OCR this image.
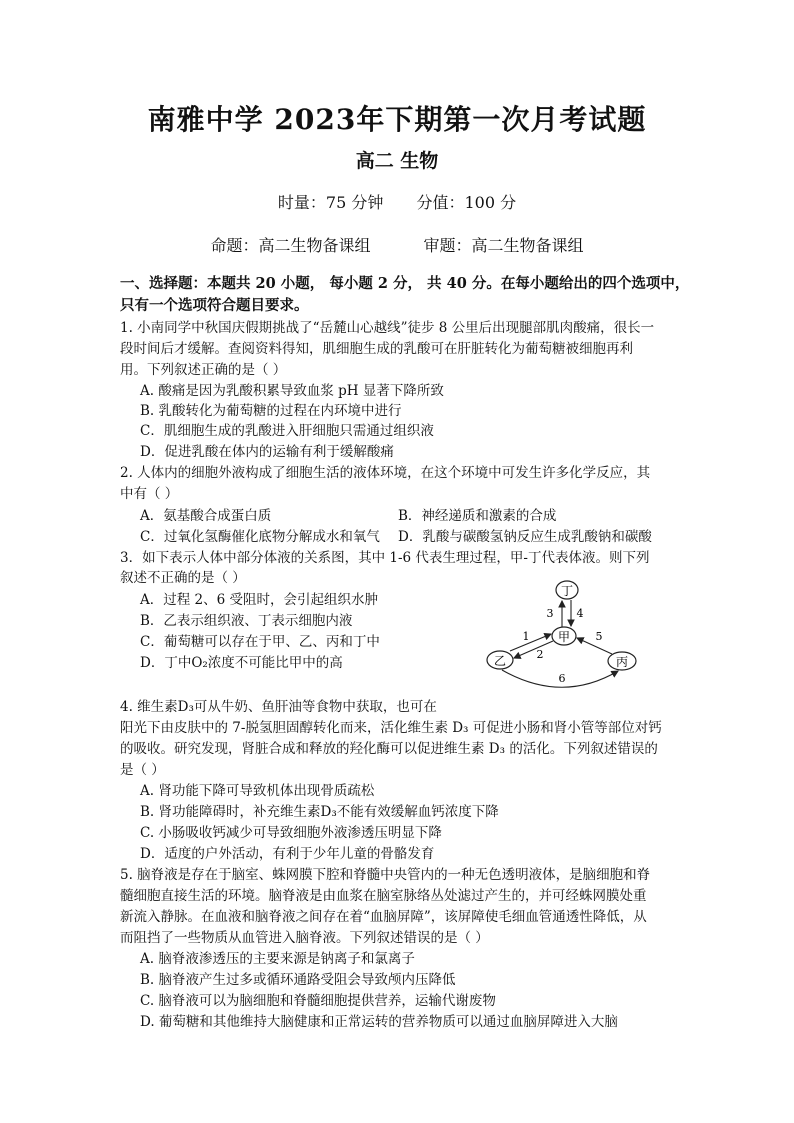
南雅中学 2023年下期第一次月考试题
高二 生物
时量：75 分钟 分值：100 分
命题：高二生物备课组	审题：高二生物备课组
一、选择题：本题共 20 小题， 每小题 2 分， 共 40 分。在每小题给出的四个选项中，只有一个选项符合题目要求。
1. 小南同学中秋国庆假期挑战了“岳麓山心越线”徒步 8 公里后出现腿部肌肉酸痛，很长一
段时间后才缓解。查阅资料得知，肌细胞生成的乳酸可在肝脏转化为葡萄糖被细胞再利
用。下列叙述正确的是（ ）
A. 酸痛是因为乳酸积累导致血浆 pH 显著下降所致
B. 乳酸转化为葡萄糖的过程在内环境中进行
C．肌细胞生成的乳酸进入肝细胞只需通过组织液
D．促进乳酸在体内的运输有利于缓解酸痛
2. 人体内的细胞外液构成了细胞生活的液体环境，在这个环境中可发生许多化学反应，其
中有（ ）
A．氨基酸合成蛋白质	B．神经递质和激素的合成
C．过氧化氢酶催化底物分解成水和氧气 D．乳酸与碳酸氢钠反应生成乳酸钠和碳酸
3．如下表示人体中部分体液的关系图，其中 1-6 代表生理过程，甲-丁代表体液。则下列
叙述不正确的是（ ）
A．过程 2、6 受阻时，会引起组织水肿
B．乙表示组织液、丁表示细胞内液
C．葡萄糖可以存在于甲、乙、丙和丁中
D．丁中O₂浓度不可能比甲中的高
丁
甲
乙	丙
3 4
1
2
5
6
4. 维生素D₃可从牛奶、鱼肝油等食物中获取，也可在
阳光下由皮肤中的 7-脱氢胆固醇转化而来，活化维生素 D₃ 可促进小肠和肾小管等部位对钙
的吸收。研究发现，肾脏合成和释放的羟化酶可以促进维生素 D₃ 的活化。下列叙述错误的
是（ ）
A. 肾功能下降可导致机体出现骨质疏松
B. 肾功能障碍时，补充维生素D₃不能有效缓解血钙浓度下降
C. 小肠吸收钙减少可导致细胞外液渗透压明显下降
D．适度的户外活动，有利于少年儿童的骨骼发育
5. 脑脊液是存在于脑室、蛛网膜下腔和脊髓中央管内的一种无色透明液体，是脑细胞和脊
髓细胞直接生活的环境。脑脊液是由血浆在脑室脉络丛处滤过产生的，并可经蛛网膜处重
新流入静脉。在血液和脑脊液之间存在着“血脑屏障”，该屏障使毛细血管通透性降低，从
而阻挡了一些物质从血管进入脑脊液。下列叙述错误的是（ ）
A. 脑脊液渗透压的主要来源是钠离子和氯离子
B. 脑脊液产生过多或循环通路受阻会导致颅内压降低
C. 脑脊液可以为脑细胞和脊髓细胞提供营养，运输代谢废物
D. 葡萄糖和其他维持大脑健康和正常运转的营养物质可以通过血脑屏障进入大脑
